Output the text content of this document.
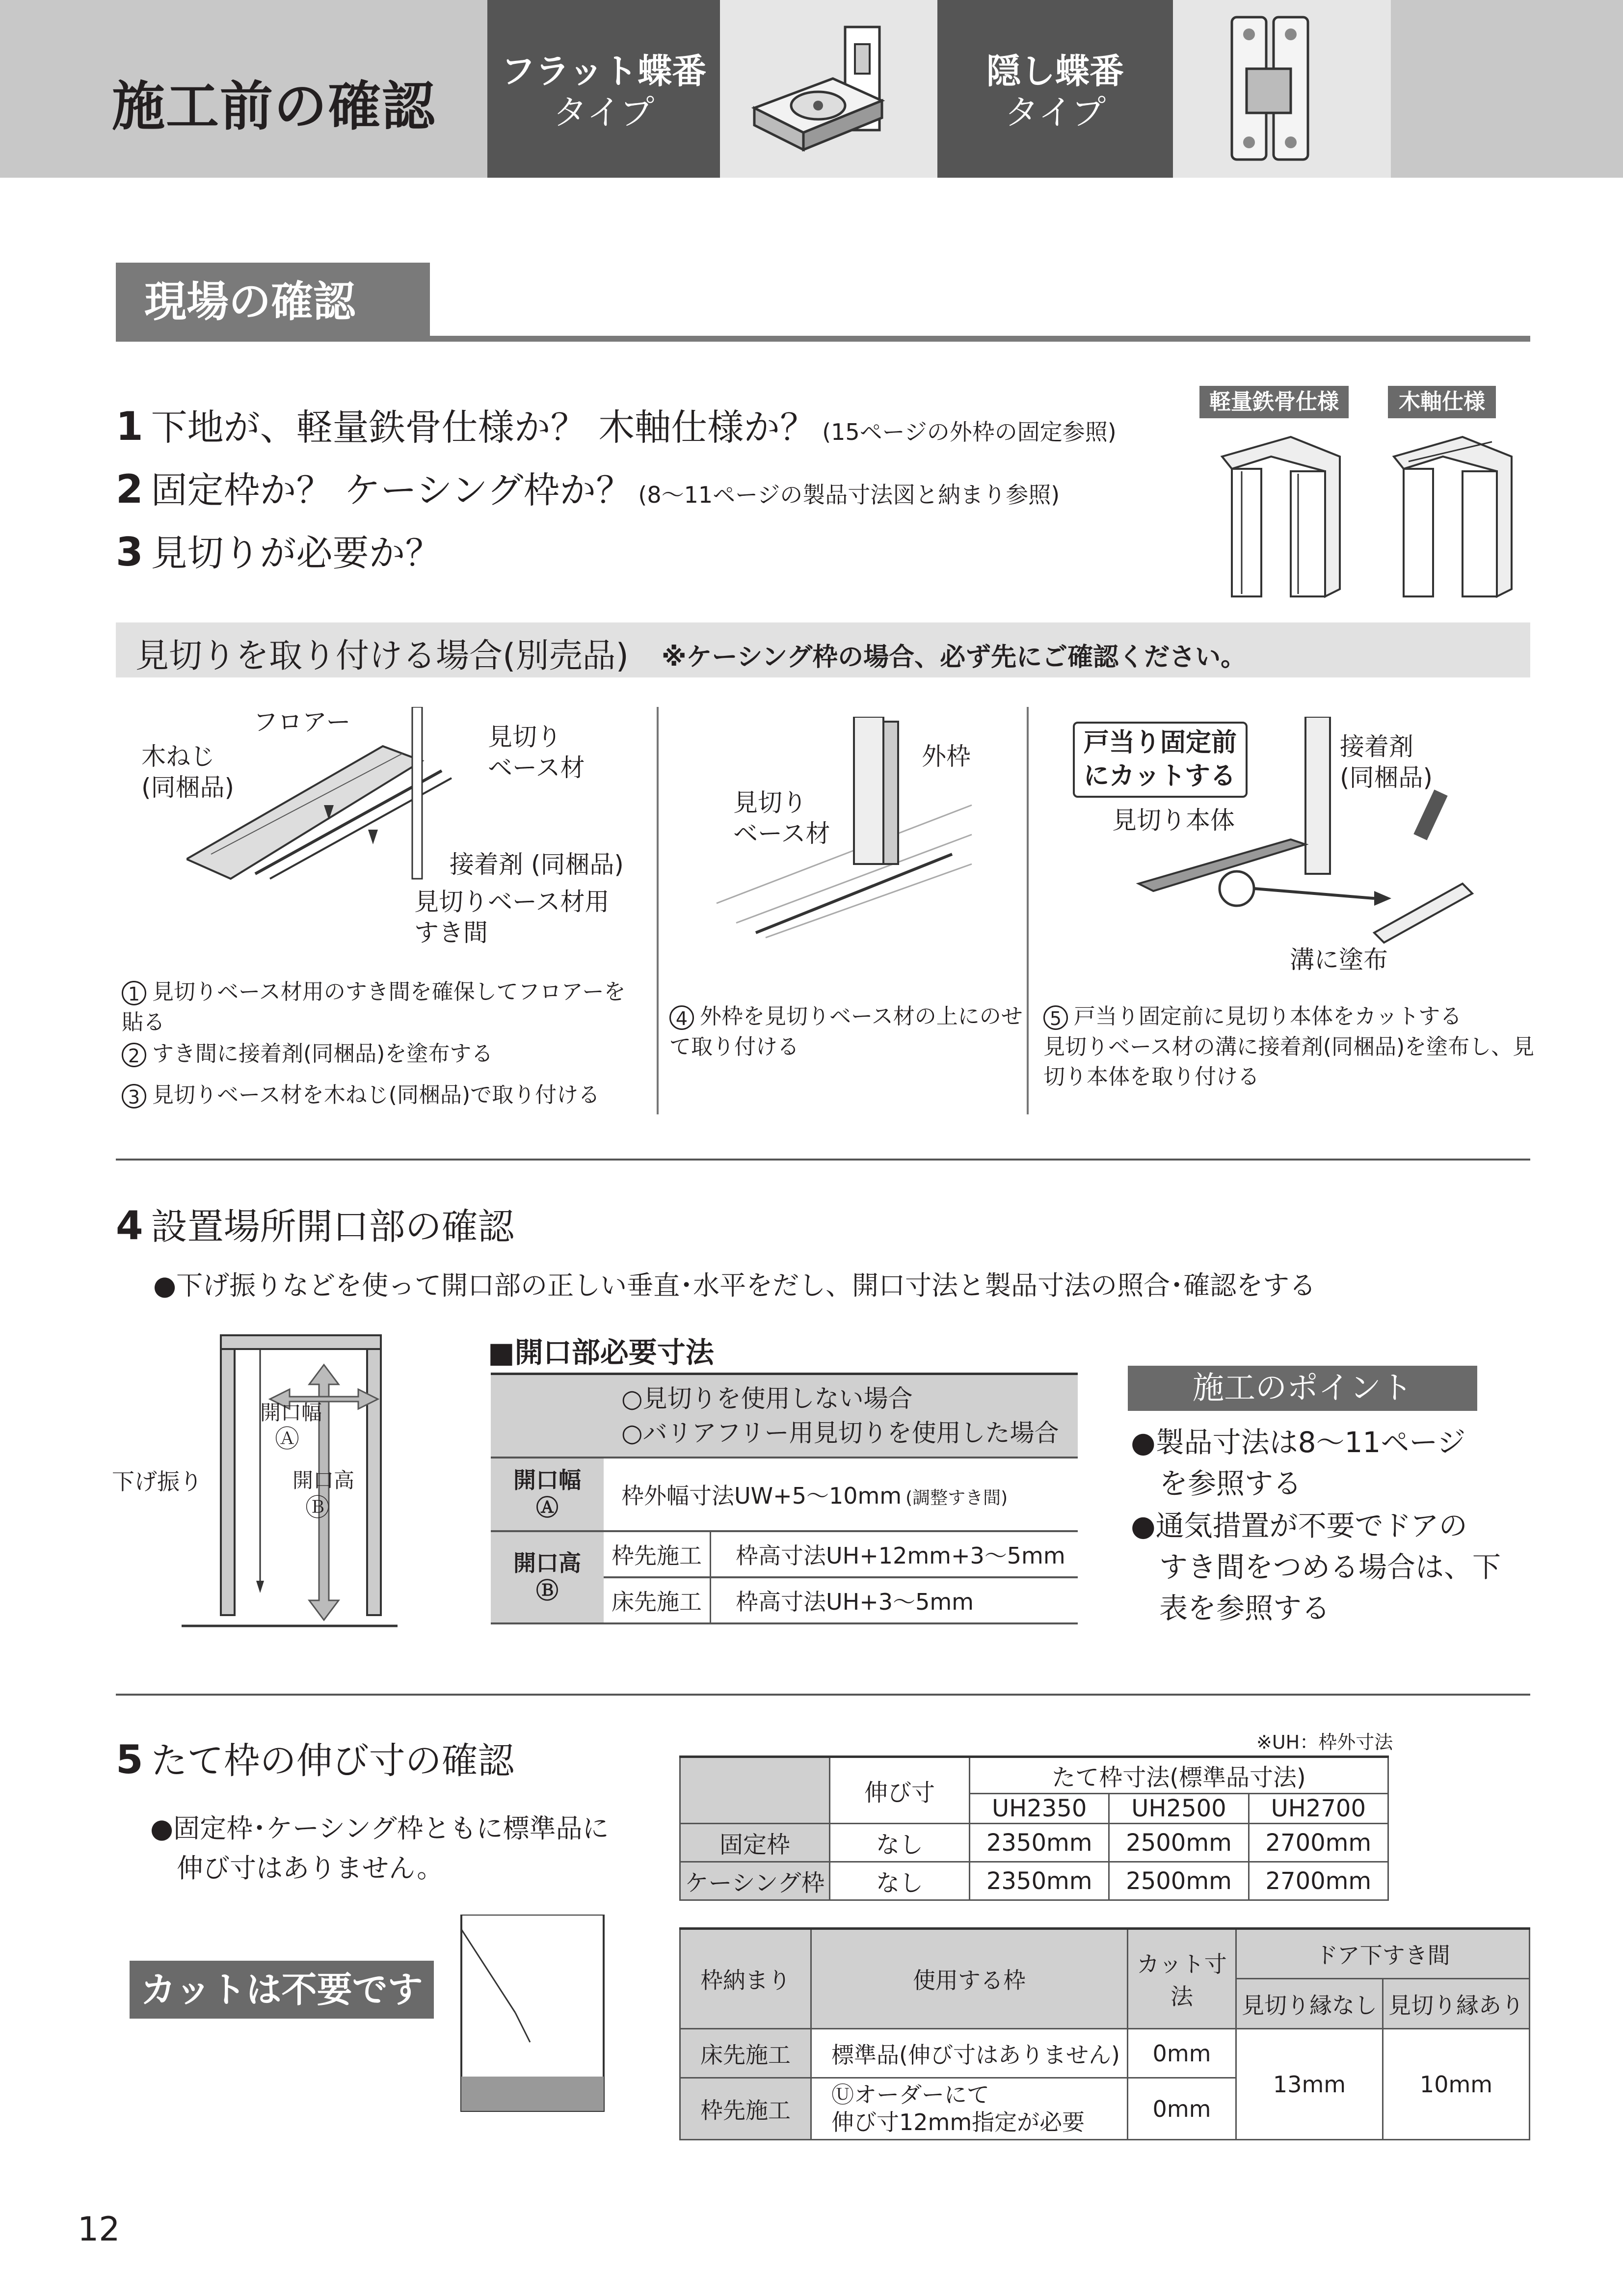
施工前の確認
フラット蝶番
タイプ
隠し蝶番
タイプ
現場の確認
1 下地が、軽量鉄骨仕様か？ 木軸仕様か？ (15ページの外枠の固定参照)
2 固定枠か？ ケーシング枠か？ (8〜11ページの製品寸法図と納まり参照)
3 見切りが必要か？
軽量鉄骨仕様	木軸仕様
見切りを取り付ける場合(別売品) ※ケーシング枠の場合、必ず先にご確認ください。
フロアー
木ねじ
(同梱品)
見切り
ベース材
接着剤 (同梱品)
見切りベース材用
すき間
1 見切りベース材用のすき間を確保してフロアーを貼る
2 すき間に接着剤(同梱品)を塗布する
3 見切りベース材を木ねじ(同梱品)で取り付ける
外枠
見切り
ベース材
4 外枠を見切りベース材の上にのせて取り付ける
戸当り固定前
にカットする
見切り本体
接着剤
(同梱品)
溝に塗布
5 戸当り固定前に見切り本体をカットする
見切りベース材の溝に接着剤(同梱品)を塗布し、見切り本体を取り付ける
4 設置場所開口部の確認
●下げ振りなどを使って開口部の正しい垂直･水平をだし、開口寸法と製品寸法の照合･確認をする
開口幅
Ⓐ
開口高
Ⓑ
下げ振り
■開口部必要寸法
	○見切りを使用しない場合
○バリアフリー用見切りを使用した場合	
開口幅
Ⓐ	枠外幅寸法UW+5〜10mm (調整すき間)	
開口高
Ⓑ	枠先施工	枠高寸法UH+12mm+3〜5mm
	床先施工	枠高寸法UH+3〜5mm
施工のポイント
●製品寸法は8〜11ページ
　を参照する
●通気措置が不要でドアの
　すき間をつめる場合は、下
　表を参照する
5 たて枠の伸び寸の確認
●固定枠･ケーシング枠ともに標準品に
　伸び寸はありません。
カットは不要です
※UH：枠外寸法
	伸び寸	たて枠寸法(標準品寸法)		
		UH2350	UH2500	UH2700
固定枠	なし	2350mm	2500mm	2700mm
ケーシング枠	なし	2350mm	2500mm	2700mm
枠納まり	使用する枠	カット寸法	ドア下すき間	
			見切り縁なし	見切り縁あり
床先施工	標準品(伸び寸はありません)	0mm	13mm	10mm
枠先施工	Ⓤオーダーにて
伸び寸12mm指定が必要	0mm		
12
